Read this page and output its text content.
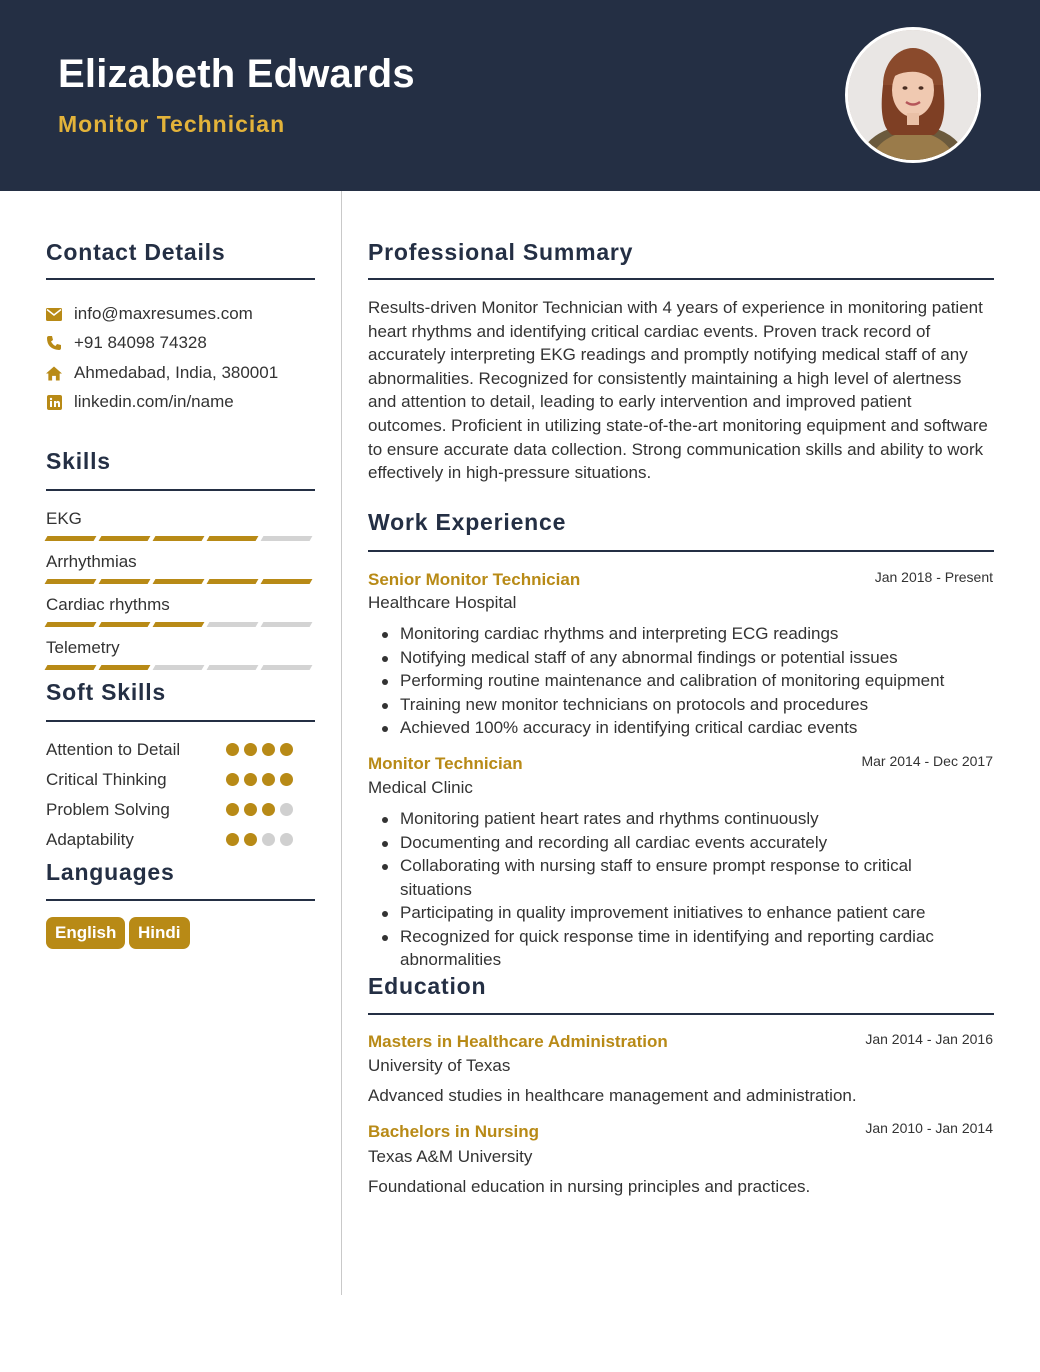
Elizabeth Edwards
Monitor Technician
Contact Details
info@maxresumes.com
+91 84098 74328
Ahmedabad, India, 380001
linkedin.com/in/name
Skills
EKG
Arrhythmias
Cardiac rhythms
Telemetry
Soft Skills
Attention to Detail
Critical Thinking
Problem Solving
Adaptability
Languages
English	Hindi
Professional Summary
Results-driven Monitor Technician with 4 years of experience in monitoring patient heart rhythms and identifying critical cardiac events. Proven track record of accurately interpreting EKG readings and promptly notifying medical staff of any abnormalities. Recognized for consistently maintaining a high level of alertness and attention to detail, leading to early intervention and improved patient outcomes. Proficient in utilizing state-of-the-art monitoring equipment and software to ensure accurate data collection. Strong communication skills and ability to work effectively in high-pressure situations.
Work Experience
Senior Monitor Technician	Jan 2018 - Present
Healthcare Hospital
Monitoring cardiac rhythms and interpreting ECG readings
Notifying medical staff of any abnormal findings or potential issues
Performing routine maintenance and calibration of monitoring equipment
Training new monitor technicians on protocols and procedures
Achieved 100% accuracy in identifying critical cardiac events
Monitor Technician	Mar 2014 - Dec 2017
Medical Clinic
Monitoring patient heart rates and rhythms continuously
Documenting and recording all cardiac events accurately
Collaborating with nursing staff to ensure prompt response to critical situations
Participating in quality improvement initiatives to enhance patient care
Recognized for quick response time in identifying and reporting cardiac abnormalities
Education
Masters in Healthcare Administration	Jan 2014 - Jan 2016
University of Texas
Advanced studies in healthcare management and administration.
Bachelors in Nursing	Jan 2010 - Jan 2014
Texas A&M University
Foundational education in nursing principles and practices.
